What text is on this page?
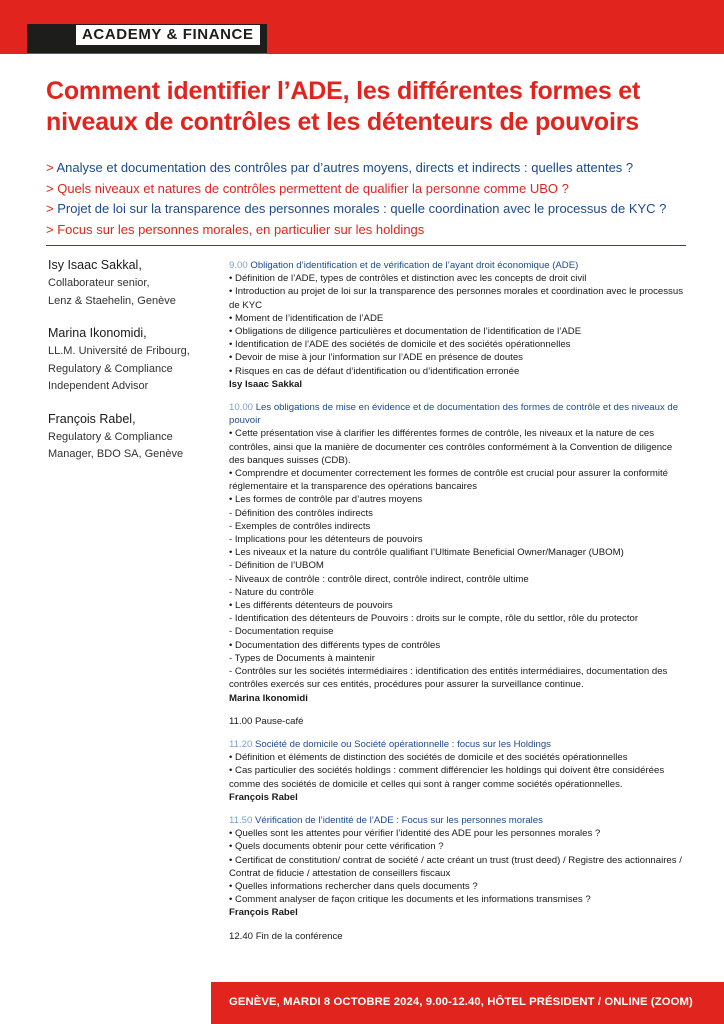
ACADEMY & FINANCE
Comment identifier l’ADE, les différentes formes et niveaux de contrôles et les détenteurs de pouvoirs
> Analyse et documentation des contrôles par d’autres moyens, directs et indirects : quelles attentes ?
> Quels niveaux et natures de contrôles permettent de qualifier la personne comme UBO ?
> Projet de loi sur la transparence des personnes morales : quelle coordination avec le processus de KYC ?
> Focus sur les personnes morales, en particulier sur les holdings
Isy Isaac Sakkal,
Collaborateur senior,
Lenz & Staehelin, Genève
Marina Ikonomidi,
LL.M. Université de Fribourg,
Regulatory & Compliance
Independent Advisor
François Rabel,
Regulatory & Compliance
Manager, BDO SA, Genève
9.00 Obligation d’identification et de vérification de l’ayant droit économique (ADE)

• Définition de l’ADE, types de contrôles et distinction avec les concepts de droit civil

• Introduction au projet de loi sur la transparence des personnes morales et coordination avec le processus de KYC

• Moment de l’identification de l’ADE

• Obligations de diligence particulières et documentation de l’identification de l’ADE

• Identification de l’ADE des sociétés de domicile et des sociétés opérationnelles

• Devoir de mise à jour l’information sur l’ADE en présence de doutes

• Risques en cas de défaut d’identification ou d’identification erronée

Isy Isaac Sakkal
10.00 Les obligations de mise en évidence et de documentation des formes de contrôle et des niveaux de pouvoir

• Cette présentation vise à clarifier les différentes formes de contrôle, les niveaux et la nature de ces contrôles, ainsi que la manière de documenter ces contrôles conformément à la Convention de diligence des banques suisses (CDB).

• Comprendre et documenter correctement les formes de contrôle est crucial pour assurer la conformité réglementaire et la transparence des opérations bancaires

• Les formes de contrôle par d’autres moyens

- Définition des contrôles indirects

- Exemples de contrôles indirects

- Implications pour les détenteurs de pouvoirs

• Les niveaux et la nature du contrôle qualifiant l’Ultimate Beneficial Owner/Manager (UBOM)

- Définition de l’UBOM

- Niveaux de contrôle : contrôle direct, contrôle indirect, contrôle ultime

- Nature du contrôle

• Les différents détenteurs de pouvoirs

- Identification des détenteurs de Pouvoirs : droits sur le compte, rôle du settlor, rôle du protector

- Documentation requise

• Documentation des différents types de contrôles

- Types de Documents à maintenir

- Contrôles sur les sociétés intermédiaires : identification des entités intermédiaires, documentation des contrôles exercés sur ces entités, procédures pour assurer la surveillance continue.

Marina Ikonomidi
11.00 Pause-café
11.20 Société de domicile ou Société opérationnelle : focus sur les Holdings

• Définition et éléments de distinction des sociétés de domicile et des sociétés opérationnelles

• Cas particulier des sociétés holdings : comment différencier les holdings qui doivent être considérées comme des sociétés de domicile et celles qui sont à ranger comme sociétés opérationnelles.

François Rabel
11.50 Vérification de l’identité de l’ADE : Focus sur les personnes morales

• Quelles sont les attentes pour vérifier l’identité des ADE pour les personnes morales ?

• Quels documents obtenir pour cette vérification ?

• Certificat de constitution/ contrat de société / acte créant un trust (trust deed) / Registre des actionnaires / Contrat de fiducie / attestation de conseillers fiscaux

• Quelles informations rechercher dans quels documents ?

• Comment analyser de façon critique les documents et les informations transmises ?

François Rabel
12.40 Fin de la conférence
GENÈVE, MARDI 8 OCTOBRE 2024, 9.00-12.40, HÔTEL PRÉSIDENT / ONLINE (ZOOM)
